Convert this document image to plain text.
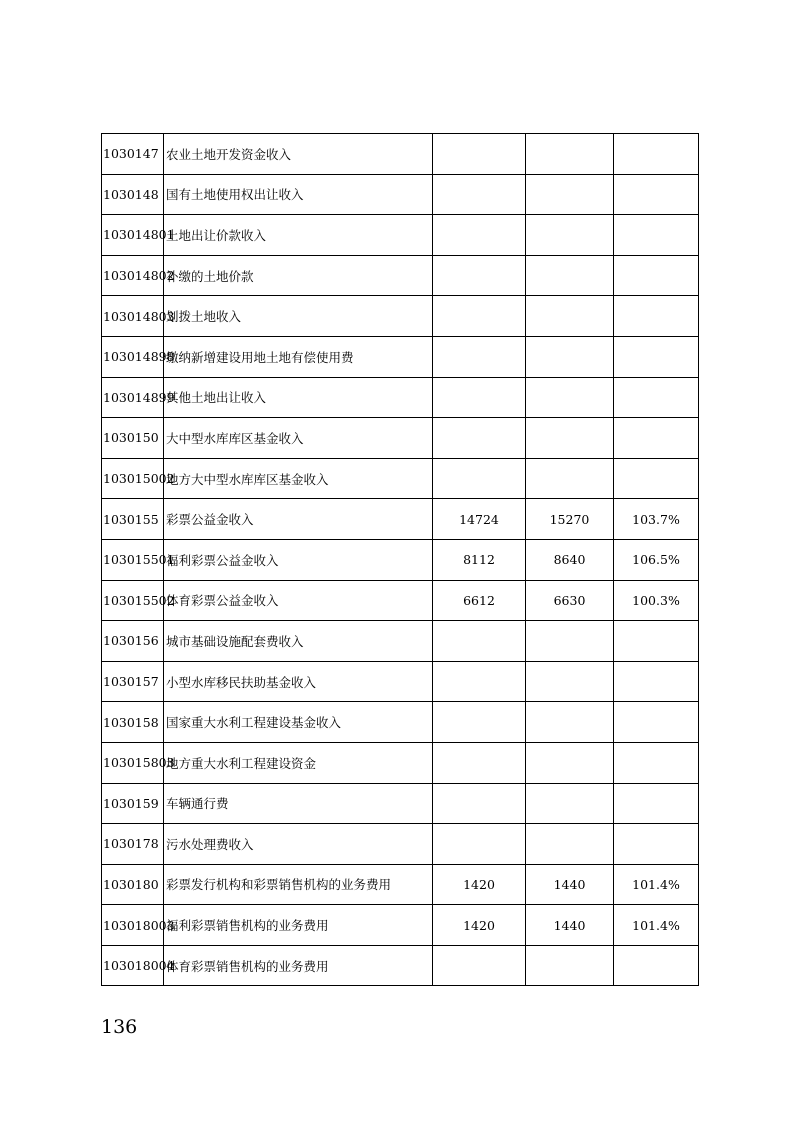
1030147	农业土地开发资金收入			
1030148	国有土地使用权出让收入			
103014801	土地出让价款收入			
103014802	补缴的土地价款			
103014803	划拨土地收入			
103014898	缴纳新增建设用地土地有偿使用费			
103014899	其他土地出让收入			
1030150	大中型水库库区基金收入			
103015002	地方大中型水库库区基金收入			
1030155	彩票公益金收入	14724	15270	103.7%
103015501	福利彩票公益金收入	8112	8640	106.5%
103015502	体育彩票公益金收入	6612	6630	100.3%
1030156	城市基础设施配套费收入			
1030157	小型水库移民扶助基金收入			
1030158	国家重大水利工程建设基金收入			
103015803	地方重大水利工程建设资金			
1030159	车辆通行费			
1030178	污水处理费收入			
1030180	彩票发行机构和彩票销售机构的业务费用	1420	1440	101.4%
103018003	福利彩票销售机构的业务费用	1420	1440	101.4%
103018004	体育彩票销售机构的业务费用			
136
